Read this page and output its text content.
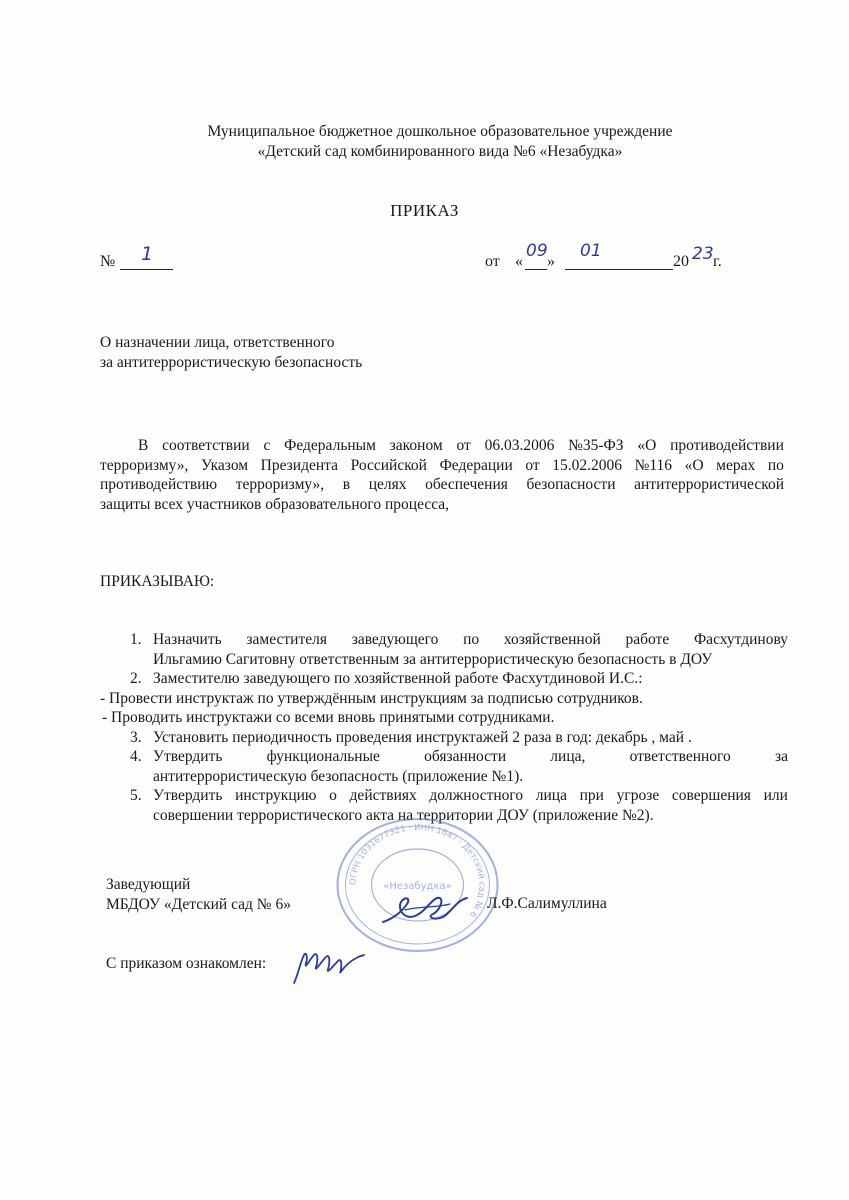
Муниципальное бюджетное дошкольное образовательное учреждение
«Детский сад комбинированного вида №6 «Незабудка»
ПРИКАЗ
№ 1	от «
09
»
01
20 23 г.
О назначении лица, ответственного
за антитеррористическую безопасность
В соответствии с Федеральным законом от 06.03.2006 №35-ФЗ «О противодействии
терроризму», Указом Президента Российской Федерации от 15.02.2006 №116 «О мерах по
противодействию терроризму», в целях обеспечения безопасности антитеррористической
защиты всех участников образовательного процесса,
ПРИКАЗЫВАЮ:
1. Назначить заместителя заведующего по хозяйственной работе Фасхутдинову
Ильгамию Сагитовну ответственным за антитеррористическую безопасность в ДОУ
2. Заместителю заведующего по хозяйственной работе Фасхутдиновой И.С.:
- Провести инструктаж по утверждённым инструкциям за подписью сотрудников.
- Проводить инструктажи со всеми вновь принятыми сотрудниками.
3. Установить периодичность проведения инструктажей 2 раза в год: декабрь , май .
4. Утвердить	функциональные	обязанности	лица,	ответственного	за
антитеррористическую безопасность (приложение №1).
5. Утвердить инструкцию о действиях должностного лица при угрозе совершения или
совершении террористического акта на территории ДОУ (приложение №2).
ОГРН 1031677321 · ИНН 1647 · Детский сад № 6
«Незабудка»
Заведующий
МБДОУ «Детский сад № 6»	Л.Ф.Салимуллина
С приказом ознакомлен:
